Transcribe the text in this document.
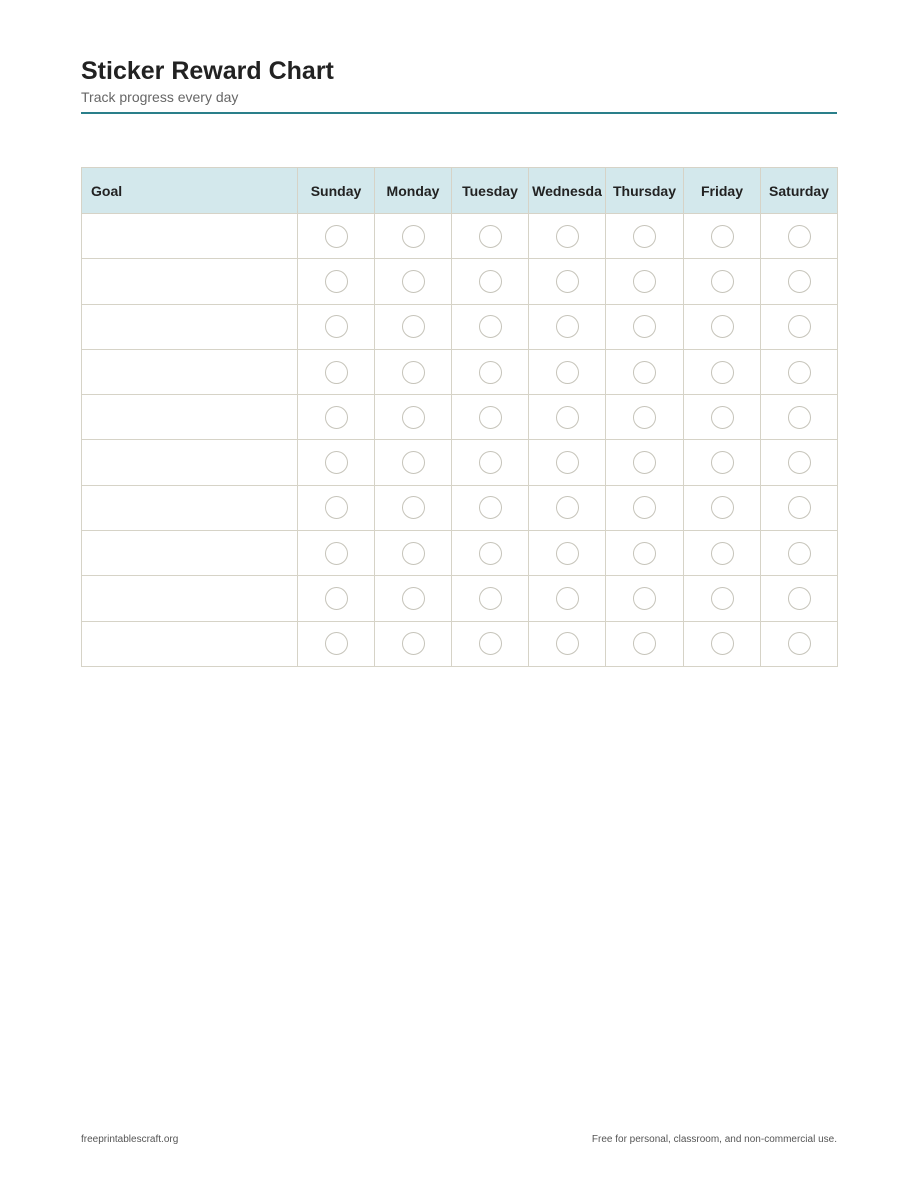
Sticker Reward Chart
Track progress every day
Goal	Sunday	Monday	Tuesday	Wednesda	Thursday	Friday	Saturday

freeprintablescraft.org	Free for personal, classroom, and non-commercial use.
